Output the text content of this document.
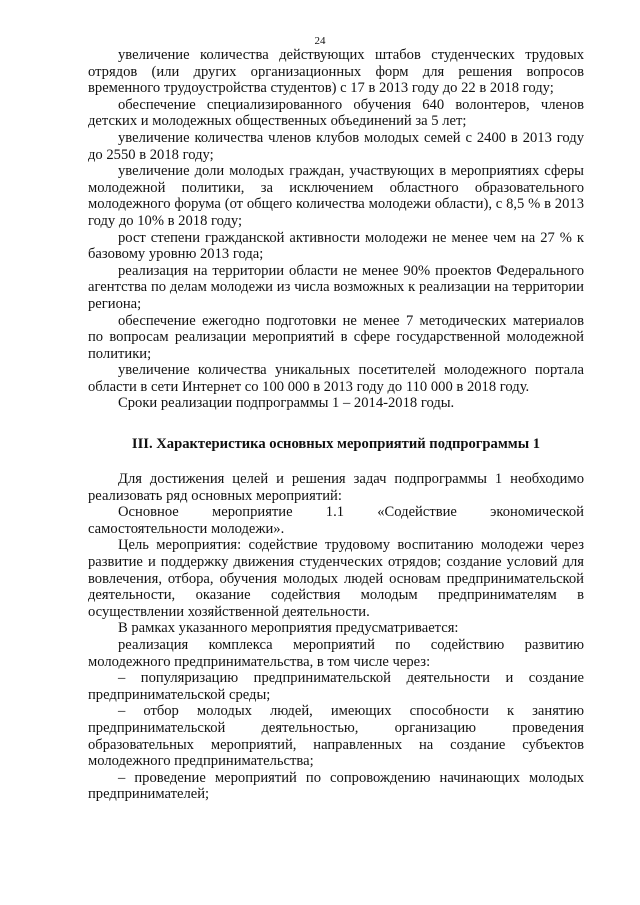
24

увеличение количества действующих штабов студенческих трудовых отрядов (или других организационных форм для решения вопросов временного трудоустройства студентов) с 17 в 2013 году до 22 в 2018 году;

обеспечение специализированного обучения 640 волонтеров, членов детских и молодежных общественных объединений за 5 лет;

увеличение количества членов клубов молодых семей с 2400 в 2013 году до 2550 в 2018 году;

увеличение доли молодых граждан, участвующих в мероприятиях сферы молодежной политики, за исключением областного образовательного молодежного форума (от общего количества молодежи области), с 8,5 % в 2013 году до 10% в 2018 году;

рост степени гражданской активности молодежи не менее чем на 27 % к базовому уровню 2013 года;

реализация на территории области не менее 90% проектов Федерального агентства по делам молодежи из числа возможных к реализации на территории региона;

обеспечение ежегодно подготовки не менее 7 методических материалов по вопросам реализации мероприятий в сфере государственной молодежной политики;

увеличение количества уникальных посетителей молодежного портала области в сети Интернет со 100 000 в 2013 году до 110 000 в 2018 году.

Сроки реализации подпрограммы 1 – 2014-2018 годы.

III. Характеристика основных мероприятий подпрограммы 1

Для достижения целей и решения задач подпрограммы 1 необходимо реализовать ряд основных мероприятий:

Основное мероприятие 1.1 «Содействие экономической самостоятельности молодежи».

Цель мероприятия: содействие трудовому воспитанию молодежи через развитие и поддержку движения студенческих отрядов; создание условий для вовлечения, отбора, обучения молодых людей основам предпринимательской деятельности, оказание содействия молодым предпринимателям в осуществлении хозяйственной деятельности.

В рамках указанного мероприятия предусматривается:

реализация комплекса мероприятий по содействию развитию молодежного предпринимательства, в том числе через:

– популяризацию предпринимательской деятельности и создание предпринимательской среды;

– отбор молодых людей, имеющих способности к занятию предпринимательской деятельностью, организацию проведения образовательных мероприятий, направленных на создание субъектов молодежного предпринимательства;

– проведение мероприятий по сопровождению начинающих молодых предпринимателей;
